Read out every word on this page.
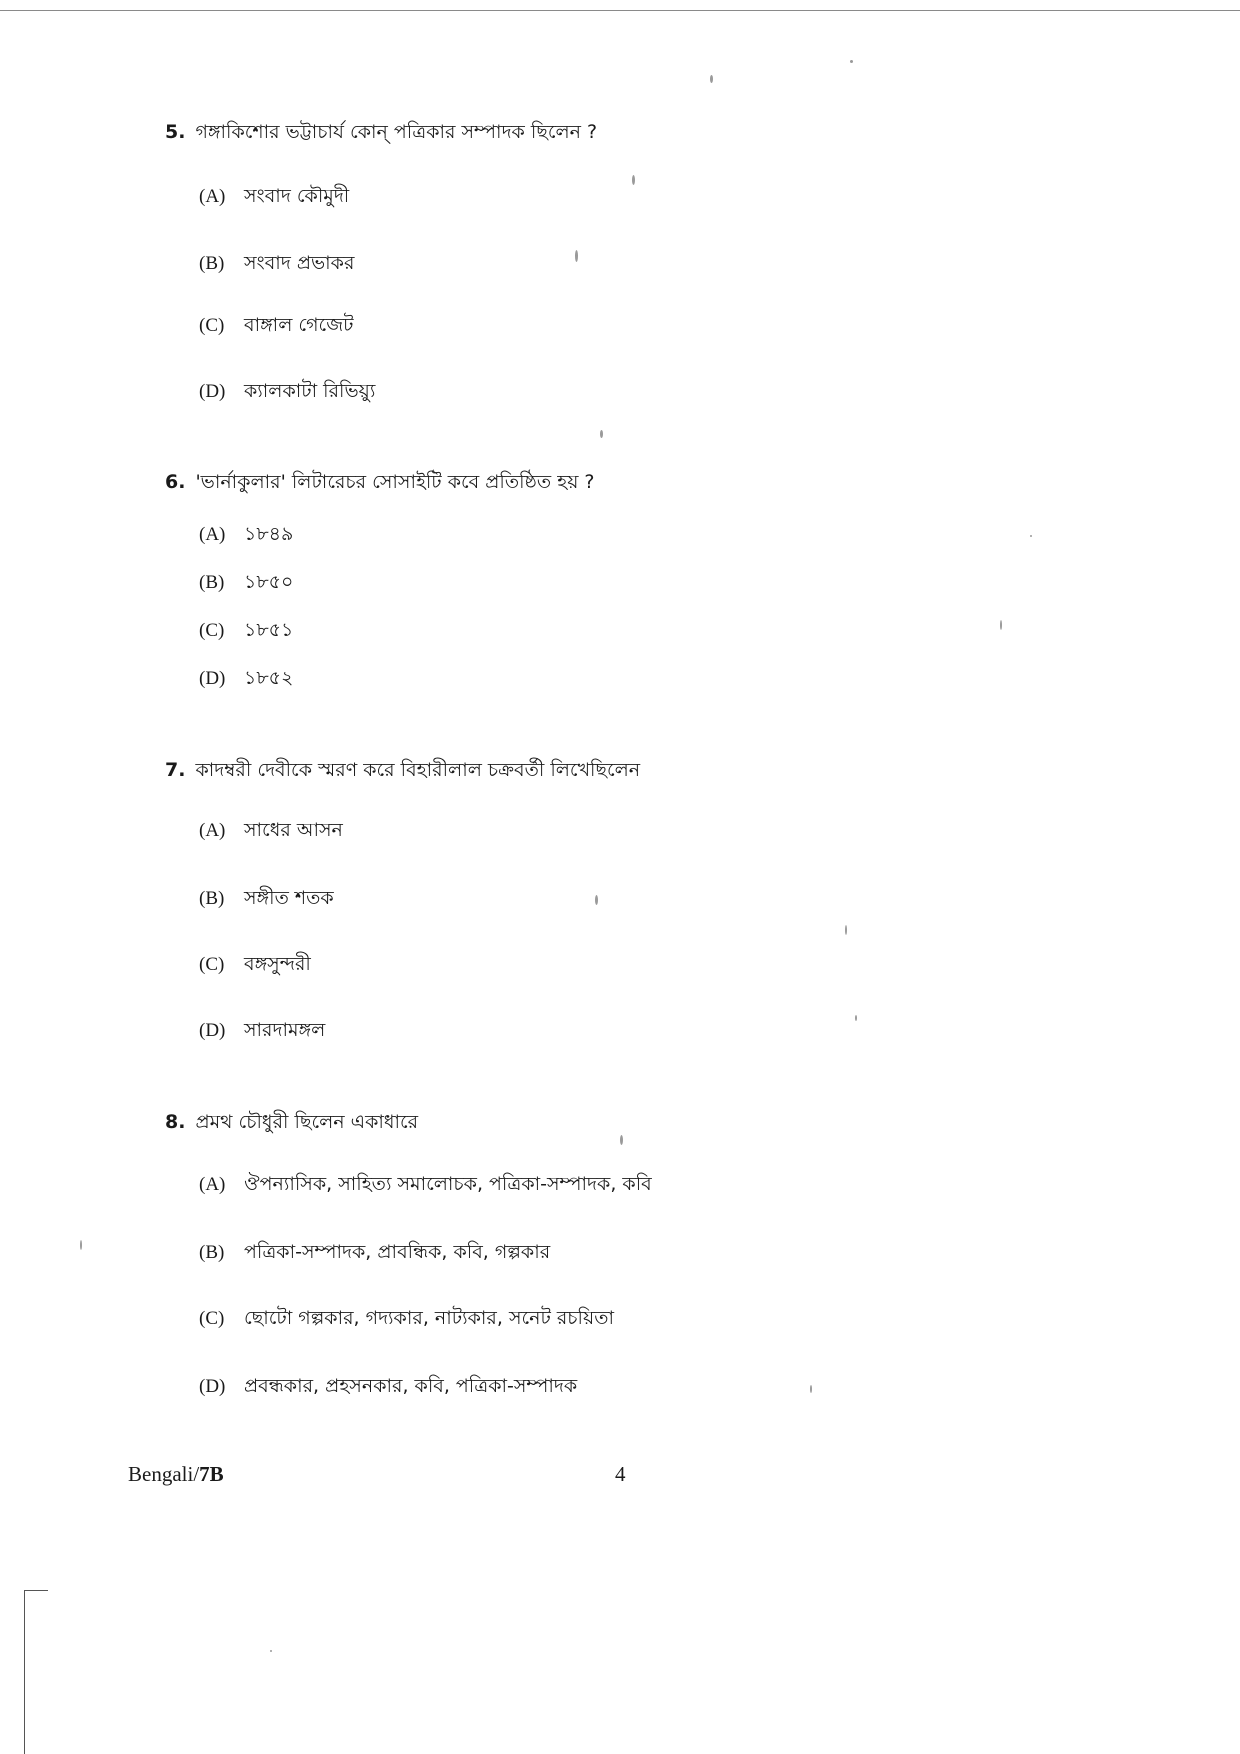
5. গঙ্গাকিশোর ভট্টাচার্য কোন্ পত্রিকার সম্পাদক ছিলেন ?
(A) সংবাদ কৌমুদী
(B) সংবাদ প্রভাকর
(C) বাঙ্গাল গেজেট
(D) ক্যালকাটা রিভিয়্যু
6. 'ভার্নাকুলার' লিটারেচর সোসাইটি কবে প্রতিষ্ঠিত হয় ?
(A) ১৮৪৯
(B) ১৮৫০
(C) ১৮৫১
(D) ১৮৫২
7. কাদম্বরী দেবীকে স্মরণ করে বিহারীলাল চক্রবর্তী লিখেছিলেন
(A) সাধের আসন
(B) সঙ্গীত শতক
(C) বঙ্গসুন্দরী
(D) সারদামঙ্গল
8. প্রমথ চৌধুরী ছিলেন একাধারে
(A) ঔপন্যাসিক, সাহিত্য সমালোচক, পত্রিকা-সম্পাদক, কবি
(B) পত্রিকা-সম্পাদক, প্রাবন্ধিক, কবি, গল্পকার
(C) ছোটো গল্পকার, গদ্যকার, নাট্যকার, সনেট রচয়িতা
(D) প্রবন্ধকার, প্রহসনকার, কবি, পত্রিকা-সম্পাদক
Bengali/7B	4
